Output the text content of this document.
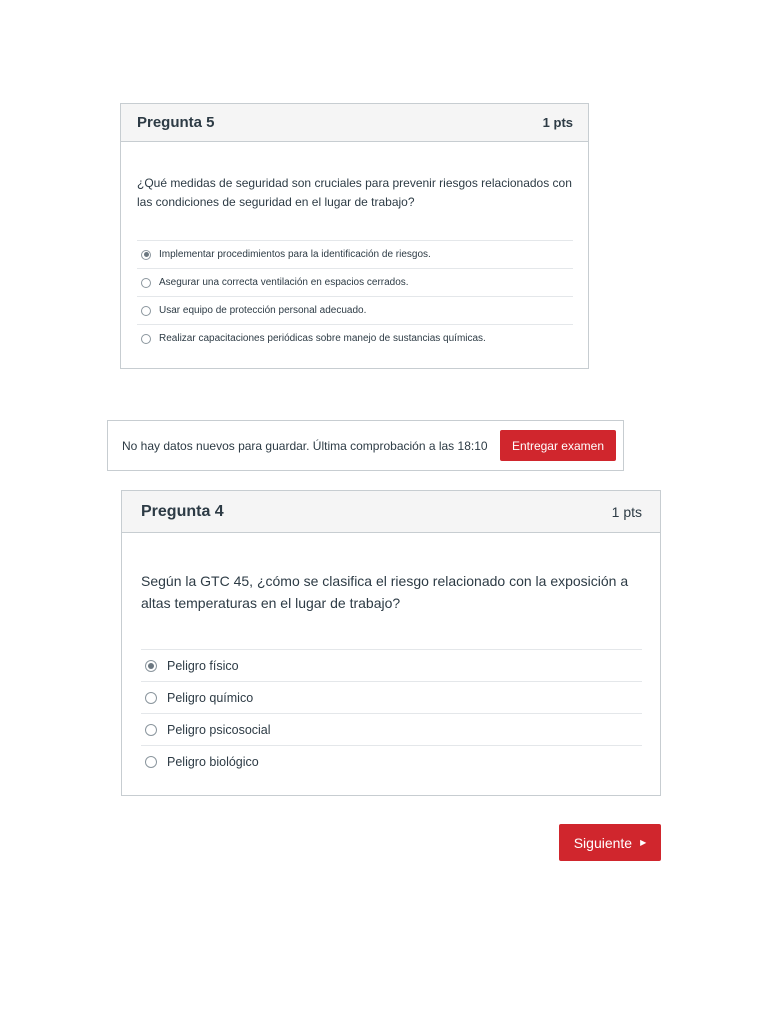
Pregunta 5	1 pts
¿Qué medidas de seguridad son cruciales para prevenir riesgos relacionados con las condiciones de seguridad en el lugar de trabajo?
Implementar procedimientos para la identificación de riesgos.
Asegurar una correcta ventilación en espacios cerrados.
Usar equipo de protección personal adecuado.
Realizar capacitaciones periódicas sobre manejo de sustancias químicas.
No hay datos nuevos para guardar. Última comprobación a las 18:10	Entregar examen
Pregunta 4	1 pts
Según la GTC 45, ¿cómo se clasifica el riesgo relacionado con la exposición a altas temperaturas en el lugar de trabajo?
Peligro físico
Peligro químico
Peligro psicosocial
Peligro biológico
Siguiente ▶
